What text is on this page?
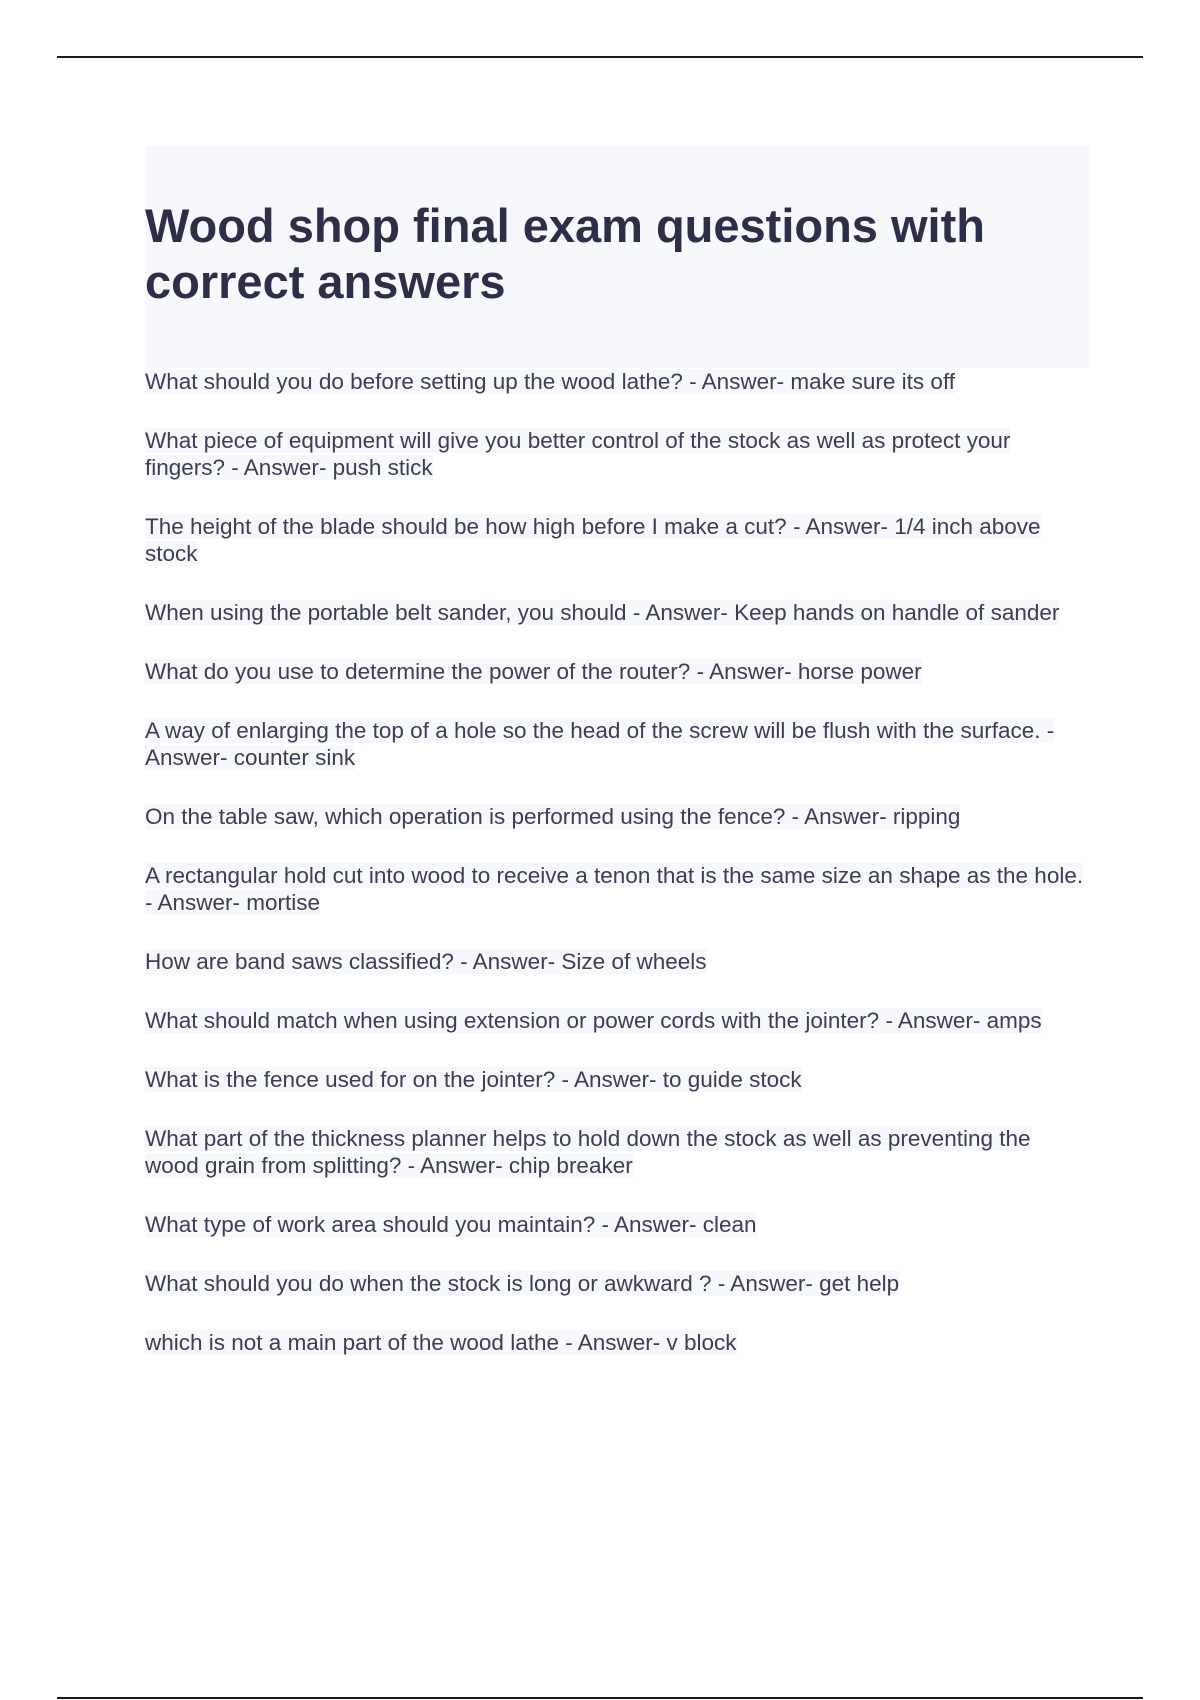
Wood shop final exam questions with correct answers
What should you do before setting up the wood lathe? - Answer- make sure its off
What piece of equipment will give you better control of the stock as well as protect your fingers? - Answer- push stick
The height of the blade should be how high before I make a cut? - Answer- 1/4 inch above stock
When using the portable belt sander, you should - Answer- Keep hands on handle of sander
What do you use to determine the power of the router? - Answer- horse power
A way of enlarging the top of a hole so the head of the screw will be flush with the surface. - Answer- counter sink
On the table saw, which operation is performed using the fence? - Answer- ripping
A rectangular hold cut into wood to receive a tenon that is the same size an shape as the hole. - Answer- mortise
How are band saws classified? - Answer- Size of wheels
What should match when using extension or power cords with the jointer? - Answer- amps
What is the fence used for on the jointer? - Answer- to guide stock
What part of the thickness planner helps to hold down the stock as well as preventing the wood grain from splitting? - Answer- chip breaker
What type of work area should you maintain? - Answer- clean
What should you do when the stock is long or awkward ? - Answer- get help
which is not a main part of the wood lathe - Answer- v block
